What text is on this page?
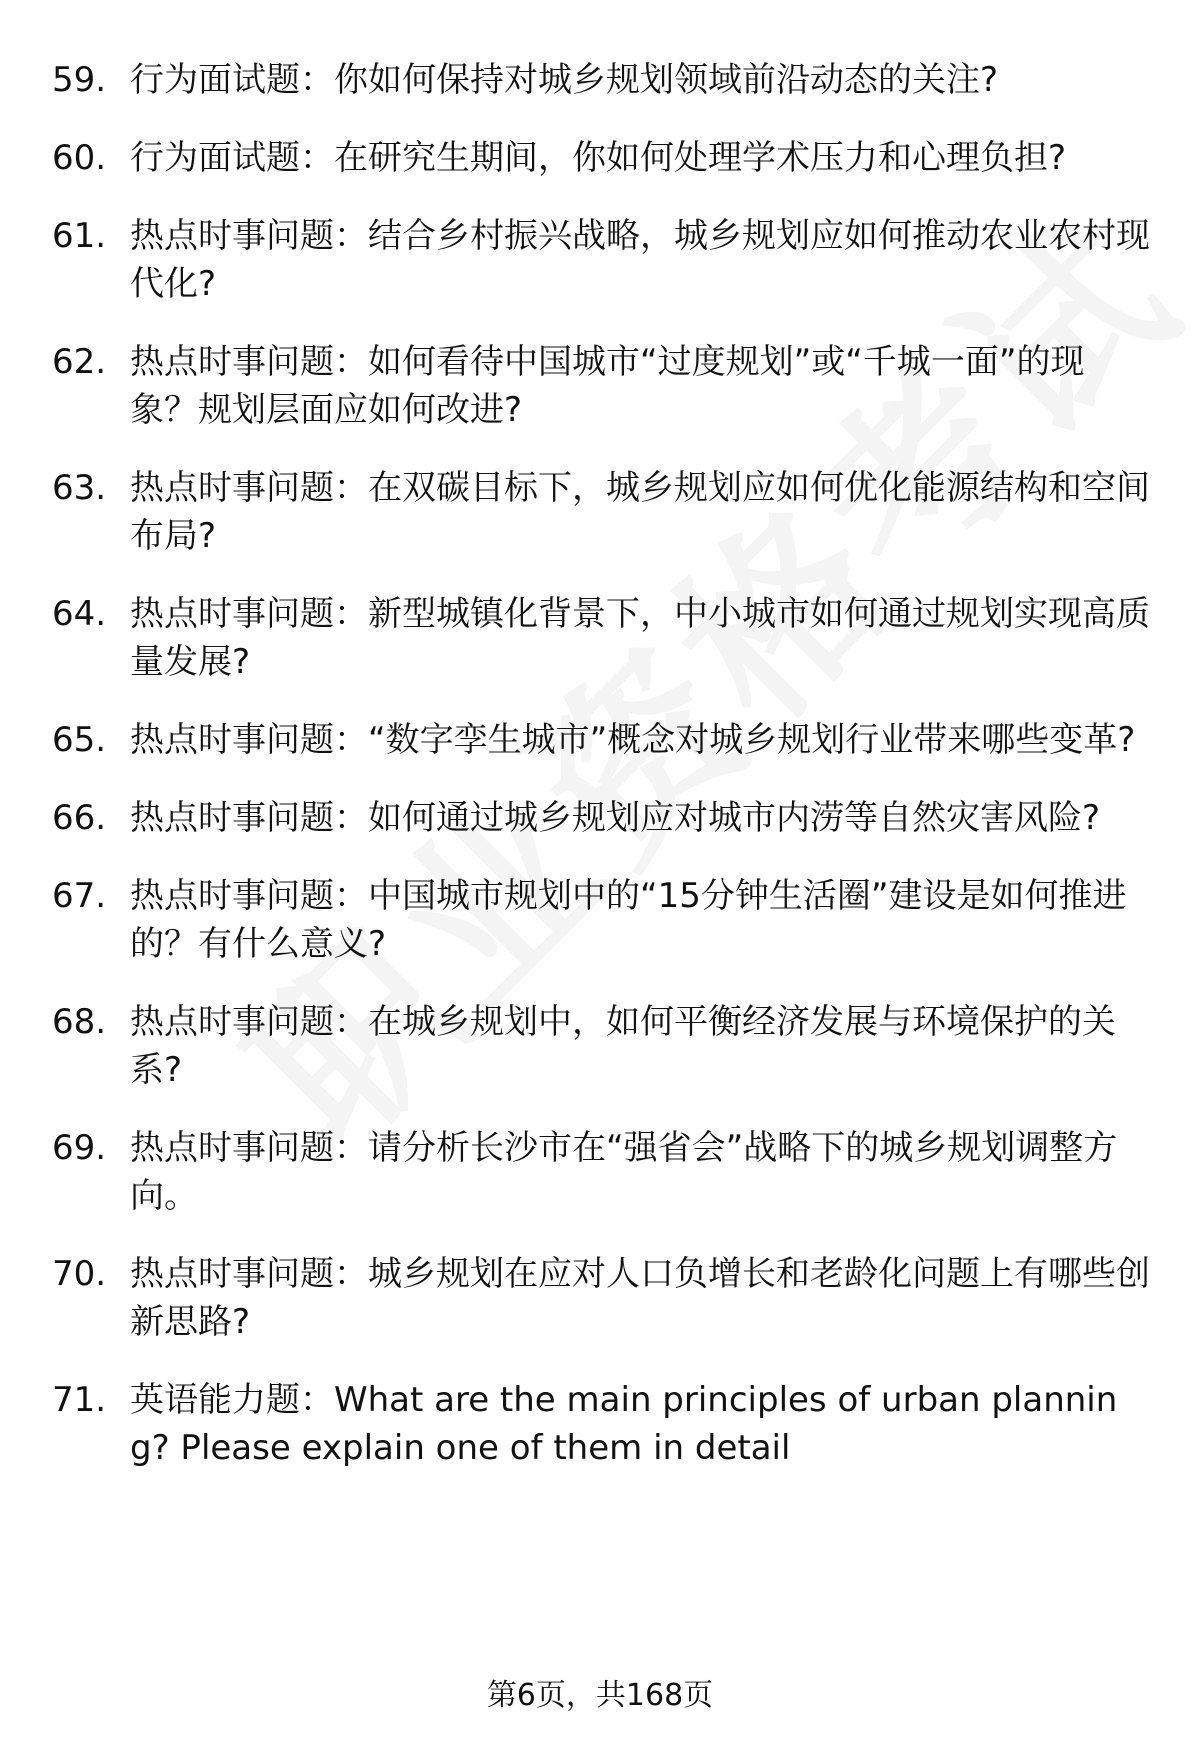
59. 行为面试题：你如何保持对城乡规划领域前沿动态的关注?
60. 行为面试题：在研究生期间，你如何处理学术压力和心理负担?
61. 热点时事问题：结合乡村振兴战略，城乡规划应如何推动农业农村现代化?
62. 热点时事问题：如何看待中国城市“过度规划”或“千城一面”的现象？规划层面应如何改进?
63. 热点时事问题：在双碳目标下，城乡规划应如何优化能源结构和空间布局?
64. 热点时事问题：新型城镇化背景下，中小城市如何通过规划实现高质量发展?
65. 热点时事问题：“数字孪生城市”概念对城乡规划行业带来哪些变革?
66. 热点时事问题：如何通过城乡规划应对城市内涝等自然灾害风险?
67. 热点时事问题：中国城市规划中的“15分钟生活圈”建设是如何推进的？有什么意义?
68. 热点时事问题：在城乡规划中，如何平衡经济发展与环境保护的关系?
69. 热点时事问题：请分析长沙市在“强省会”战略下的城乡规划调整方向。
70. 热点时事问题：城乡规划在应对人口负增长和老龄化问题上有哪些创新思路?
71. 英语能力题：What are the main principles of urban planning? Please explain one of them in detail
第6页，共168页
